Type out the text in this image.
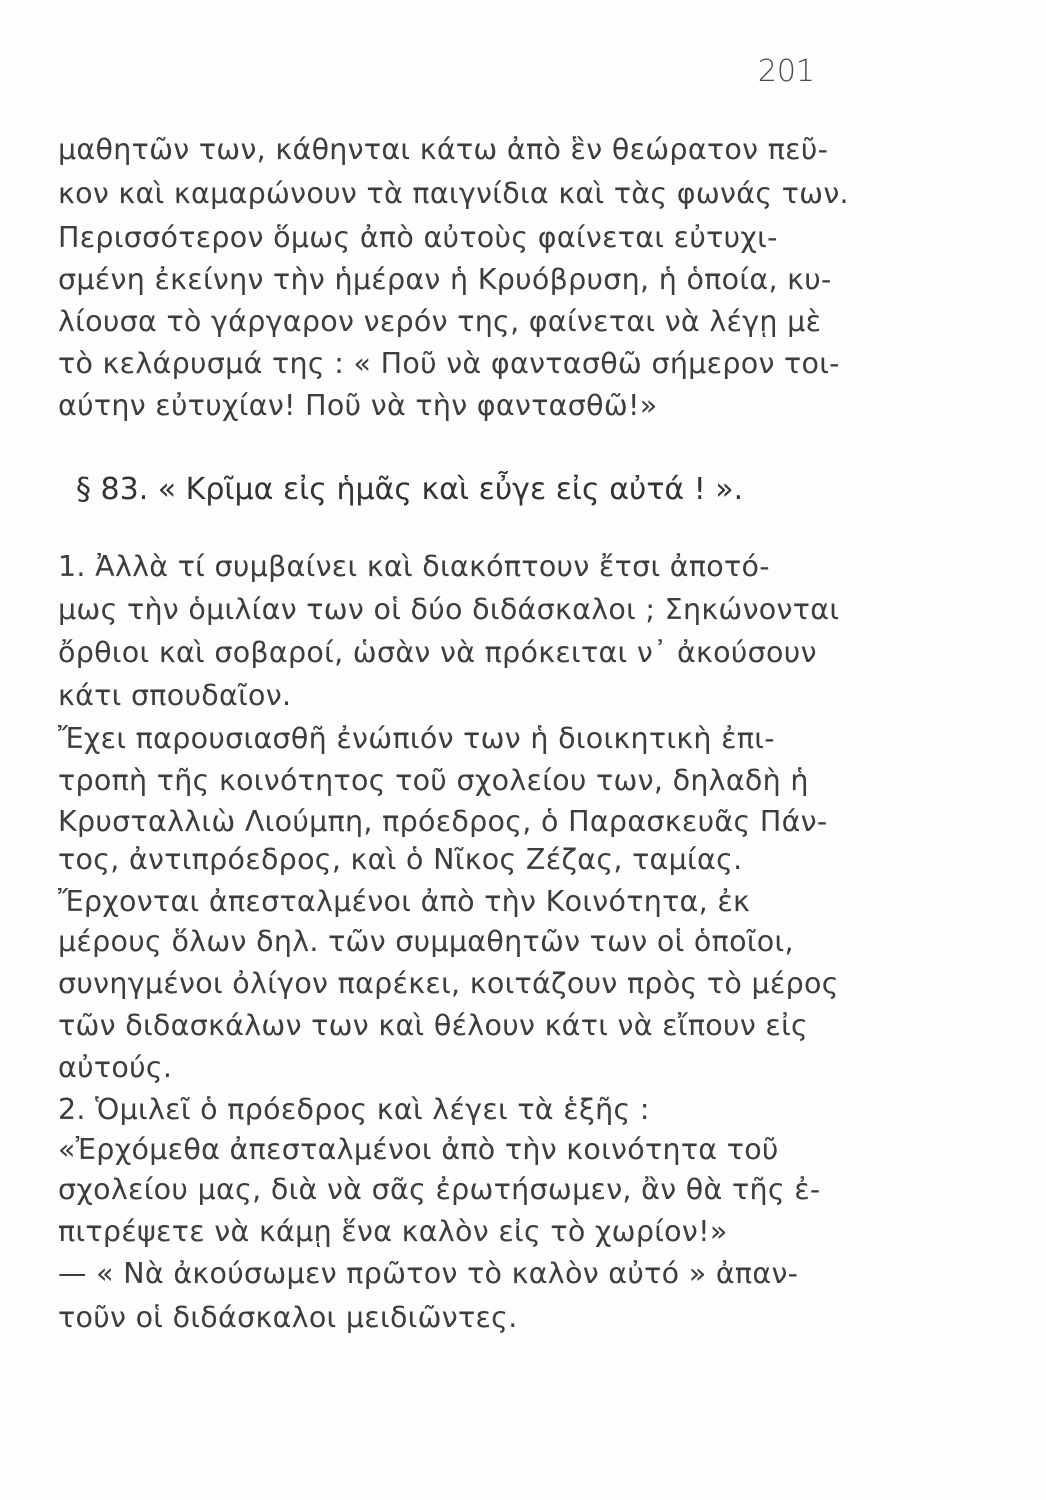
201
μαθητῶν των, κάθηνται κάτω ἀπὸ ἓν θεώρατον πεῦ-
κον καὶ καμαρώνουν τὰ παιγνίδια καὶ τὰς φωνάς των.
Περισσότερον ὅμως ἀπὸ αὐτοὺς φαίνεται εὐτυχι-
σμένη ἐκείνην τὴν ἡμέραν ἡ Κρυόβρυση, ἡ ὁποία, κυ-
λίουσα τὸ γάργαρον νερόν της, φαίνεται νὰ λέγῃ μὲ
τὸ κελάρυσμά της : « Ποῦ νὰ φαντασθῶ σήμερον τοι-
αύτην εὐτυχίαν! Ποῦ νὰ τὴν φαντασθῶ!»
§ 83. « Κρῖμα εἰς ἡμᾶς καὶ εὖγε εἰς αὐτά ! ».
1. Ἀλλὰ τί συμβαίνει καὶ διακόπτουν ἔτσι ἀποτό-
μως τὴν ὁμιλίαν των οἱ δύο διδάσκαλοι ; Σηκώνονται
ὄρθιοι καὶ σοβαροί, ὡσὰν νὰ πρόκειται ν᾽ ἀκούσουν
κάτι σπουδαῖον.
Ἔχει παρουσιασθῆ ἐνώπιόν των ἡ διοικητικὴ ἐπι-
τροπὴ τῆς κοινότητος τοῦ σχολείου των, δηλαδὴ ἡ
Κρυσταλλιὼ Λιούμπη, πρόεδρος, ὁ Παρασκευᾶς Πάν-
τος, ἀντιπρόεδρος, καὶ ὁ Νῖκος Ζέζας, ταμίας.
Ἔρχονται ἀπεσταλμένοι ἀπὸ τὴν Κοινότητα, ἐκ
μέρους ὅλων δηλ. τῶν συμμαθητῶν των οἱ ὁποῖοι,
συνηγμένοι ὀλίγον παρέκει, κοιτάζουν πρὸς τὸ μέρος
τῶν διδασκάλων των καὶ θέλουν κάτι νὰ εἴπουν εἰς
αὐτούς.
2. Ὁμιλεῖ ὁ πρόεδρος καὶ λέγει τὰ ἑξῆς :
«Ἐρχόμεθα ἀπεσταλμένοι ἀπὸ τὴν κοινότητα τοῦ
σχολείου μας, διὰ νὰ σᾶς ἐρωτήσωμεν, ἂν θὰ τῆς ἐ-
πιτρέψετε νὰ κάμῃ ἕνα καλὸν εἰς τὸ χωρίον!»
— « Νὰ ἀκούσωμεν πρῶτον τὸ καλὸν αὐτό » ἀπαν-
τοῦν οἱ διδάσκαλοι μειδιῶντες.
